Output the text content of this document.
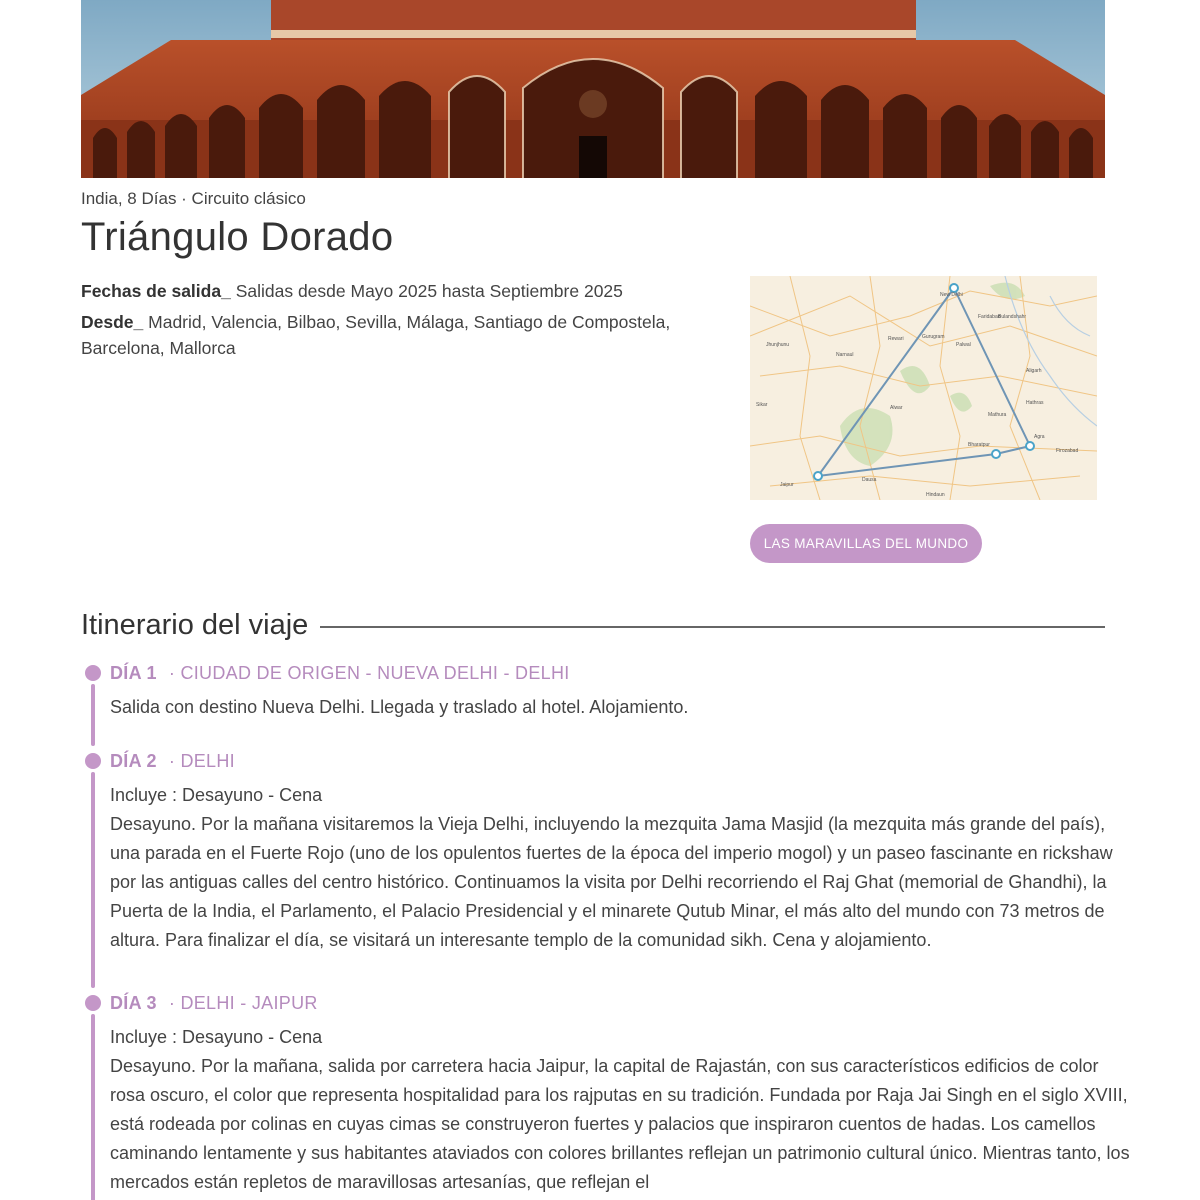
India, 8 Días · Circuito clásico
Triángulo Dorado
Fechas de salida_ Salidas desde Mayo 2025 hasta Septiembre 2025
Desde_ Madrid, Valencia, Bilbao, Sevilla, Málaga, Santiago de Compostela, Barcelona, Mallorca
New Delhi
Faridabad
Gurugram
Bulandshahr
Jhunjhunu
Rewari
Narnaul
Palwal
Aligarh
Sikar	Alwar
Mathura
Hathras
Bharatpur
Agra
Jaipur
Dausa
Hindaun
Firozabad
LAS MARAVILLAS DEL MUNDO
Itinerario del viaje
DÍA 1 · CIUDAD DE ORIGEN - NUEVA DELHI - DELHI
Salida con destino Nueva Delhi. Llegada y traslado al hotel. Alojamiento.
DÍA 2 · DELHI
Incluye : Desayuno - Cena
Desayuno. Por la mañana visitaremos la Vieja Delhi, incluyendo la mezquita Jama Masjid (la mezquita más grande del país), una parada en el Fuerte Rojo (uno de los opulentos fuertes de la época del imperio mogol) y un paseo fascinante en rickshaw por las antiguas calles del centro histórico. Continuamos la visita por Delhi recorriendo el Raj Ghat (memorial de Ghandhi), la Puerta de la India, el Parlamento, el Palacio Presidencial y el minarete Qutub Minar, el más alto del mundo con 73 metros de altura. Para finalizar el día, se visitará un interesante templo de la comunidad sikh. Cena y alojamiento.
DÍA 3 · DELHI - JAIPUR
Incluye : Desayuno - Cena
Desayuno. Por la mañana, salida por carretera hacia Jaipur, la capital de Rajastán, con sus característicos edificios de color rosa oscuro, el color que representa hospitalidad para los rajputas en su tradición. Fundada por Raja Jai Singh en el siglo XVIII, está rodeada por colinas en cuyas cimas se construyeron fuertes y palacios que inspiraron cuentos de hadas. Los camellos caminando lentamente y sus habitantes ataviados con colores brillantes reflejan un patrimonio cultural único. Mientras tanto, los mercados están repletos de maravillosas artesanías, que reflejan el
